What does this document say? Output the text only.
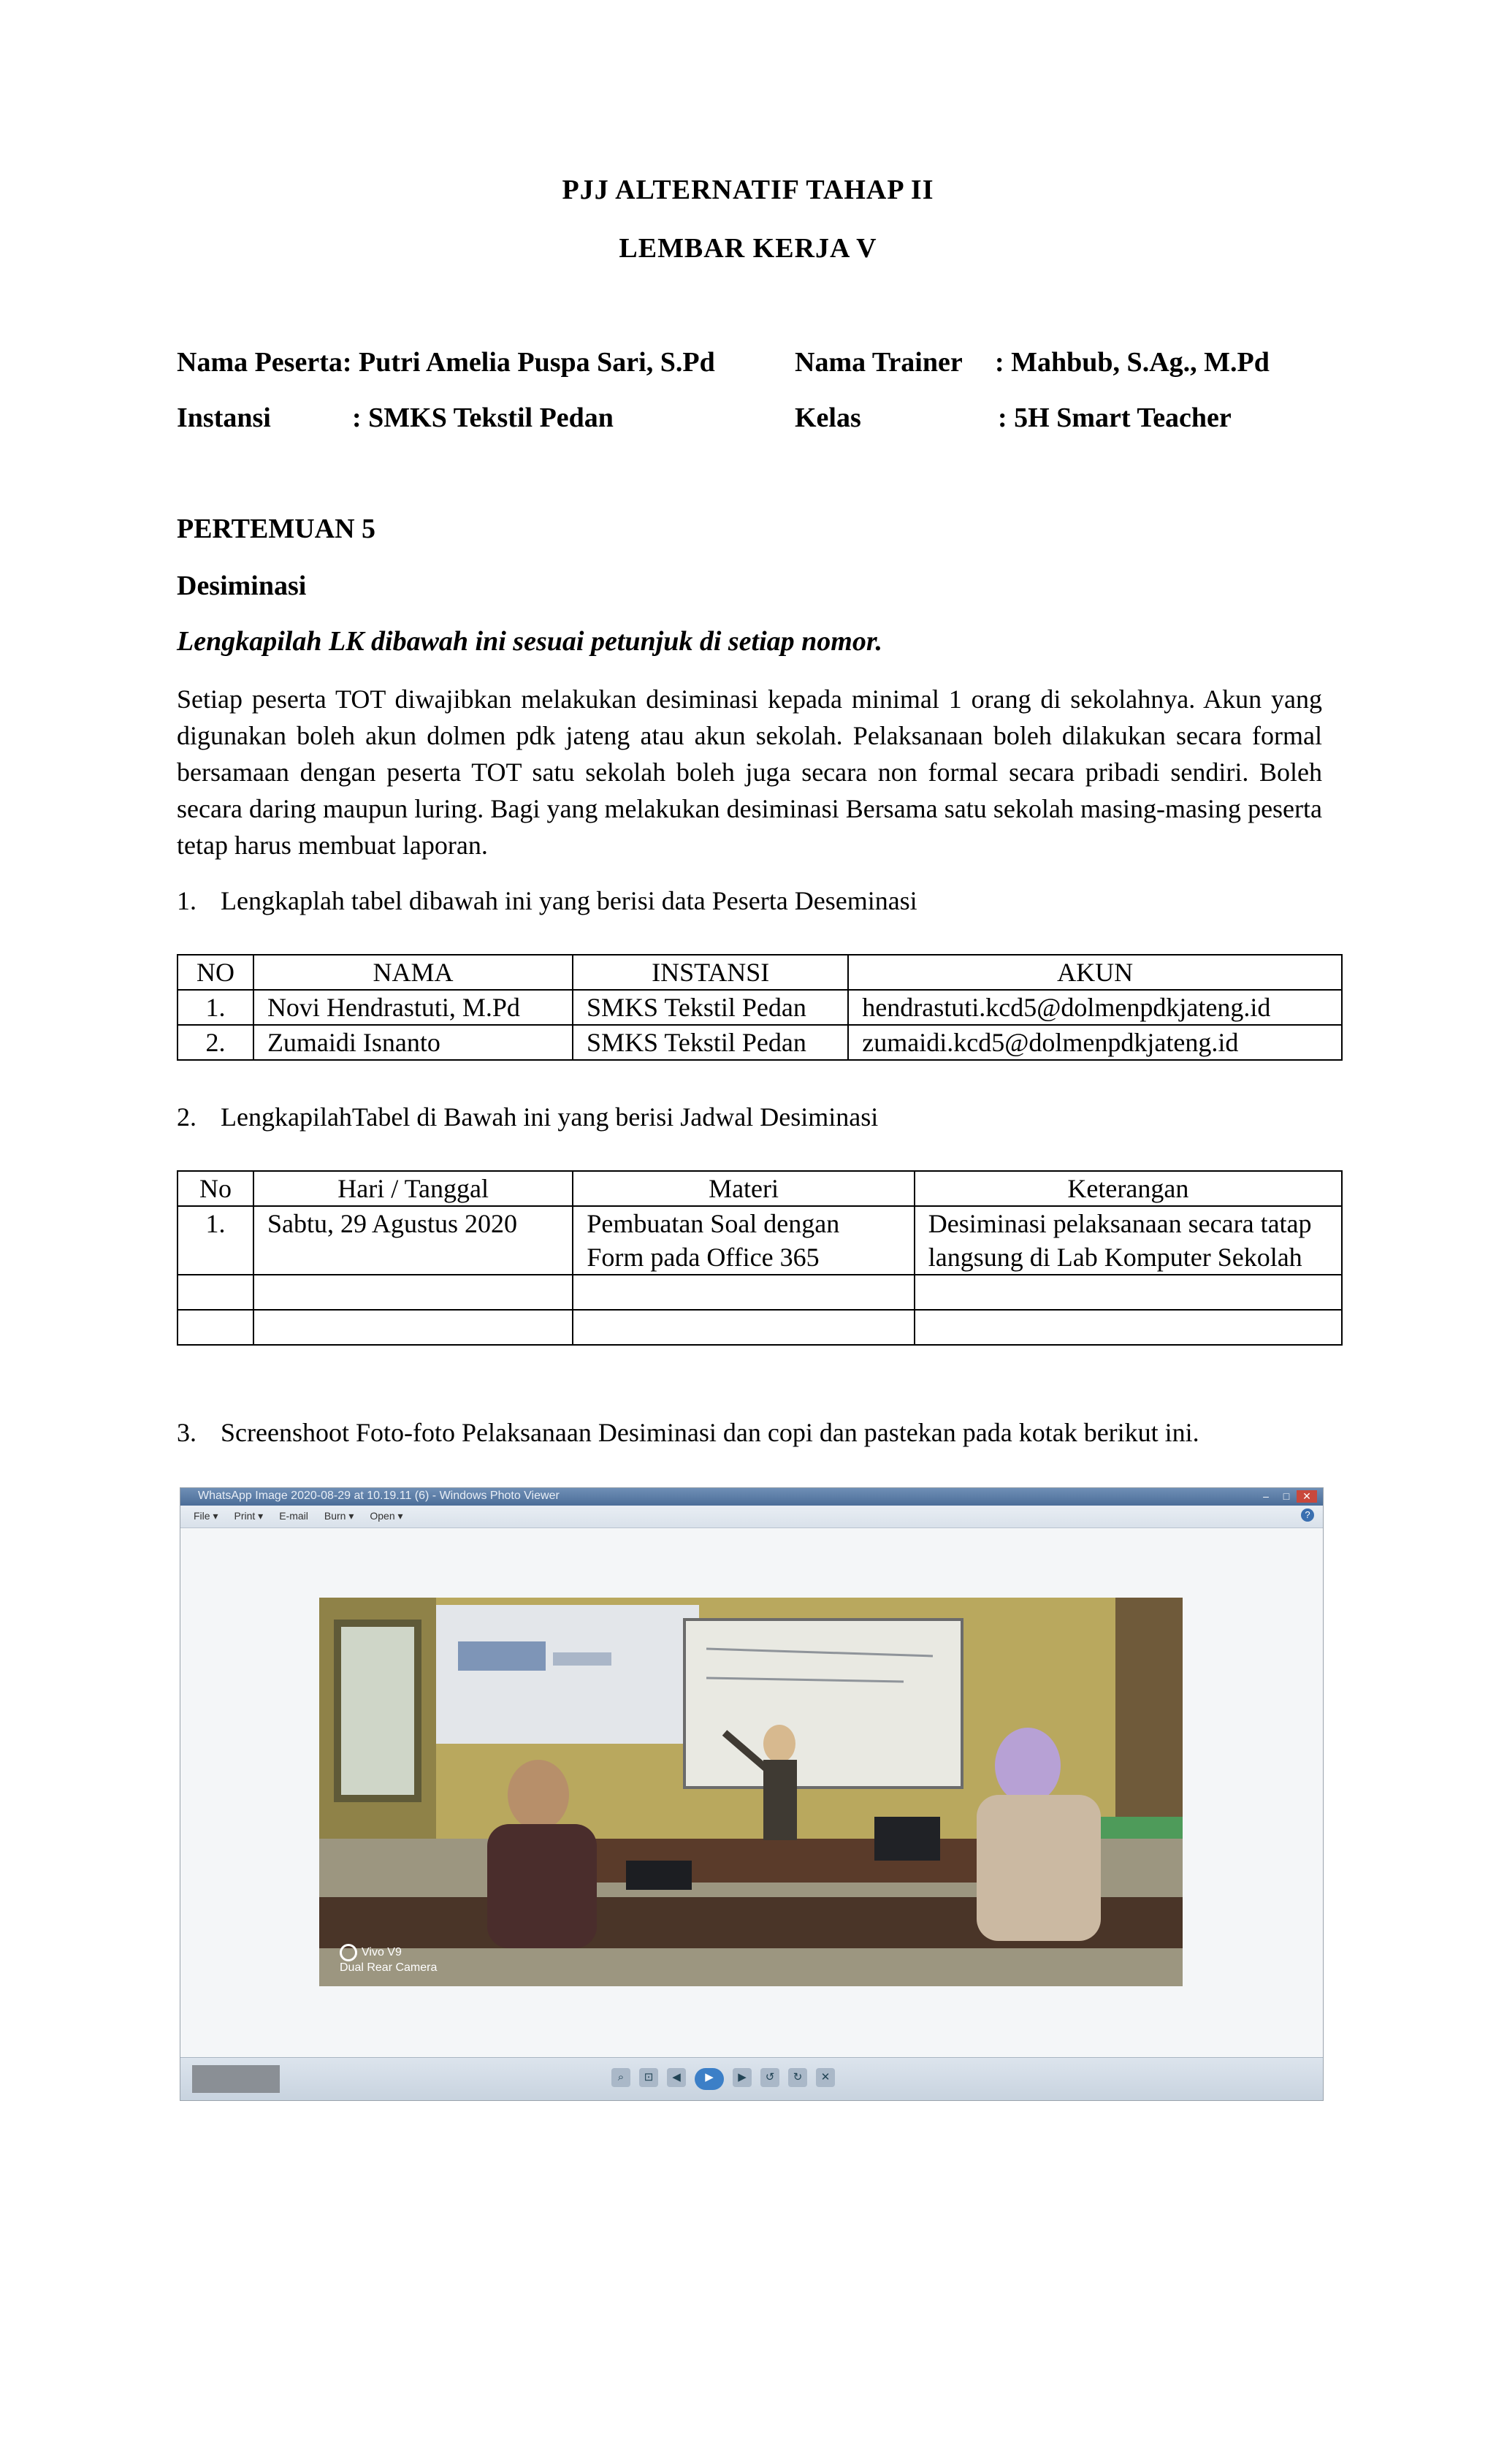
PJJ ALTERNATIF TAHAP II
LEMBAR KERJA V
Nama Peserta: Putri Amelia Puspa Sari, S.Pd	Nama Trainer : Mahbub, S.Ag., M.Pd
Instansi	: SMKS Tekstil Pedan	Kelas	: 5H Smart Teacher
PERTEMUAN 5
Desiminasi
Lengkapilah LK dibawah ini sesuai petunjuk di setiap nomor.
Setiap peserta TOT diwajibkan melakukan desiminasi kepada minimal 1 orang di sekolahnya. Akun yang digunakan boleh akun dolmen pdk jateng atau akun sekolah. Pelaksanaan boleh dilakukan secara formal bersamaan dengan peserta TOT satu sekolah boleh juga secara non formal secara pribadi sendiri. Boleh secara daring maupun luring. Bagi yang melakukan desiminasi Bersama satu sekolah masing-masing peserta tetap harus membuat laporan.
1. Lengkaplah tabel dibawah ini yang berisi data Peserta Deseminasi
NO	NAMA	INSTANSI	AKUN
1.	Novi Hendrastuti, M.Pd	SMKS Tekstil Pedan	hendrastuti.kcd5@dolmenpdkjateng.id
2.	Zumaidi Isnanto	SMKS Tekstil Pedan	zumaidi.kcd5@dolmenpdkjateng.id
2. LengkapilahTabel di Bawah ini yang berisi Jadwal Desiminasi
No	Hari / Tanggal	Materi	Keterangan
1.	Sabtu, 29 Agustus 2020	Pembuatan Soal dengan Form pada Office 365	Desiminasi pelaksanaan secara tatap langsung di Lab Komputer Sekolah

3. Screenshoot Foto-foto Pelaksanaan Desiminasi dan copi dan pastekan pada kotak berikut ini.
WhatsApp Image 2020-08-29 at 10.19.11 (6) - Windows Photo Viewer	– □ ✕
File ▾ Print ▾ E-mail Burn ▾ Open ▾	?
Vivo V9
Dual Rear Camera
⌕ ⊡ ◀ ▶ ▶ ↺ ↻ ✕
